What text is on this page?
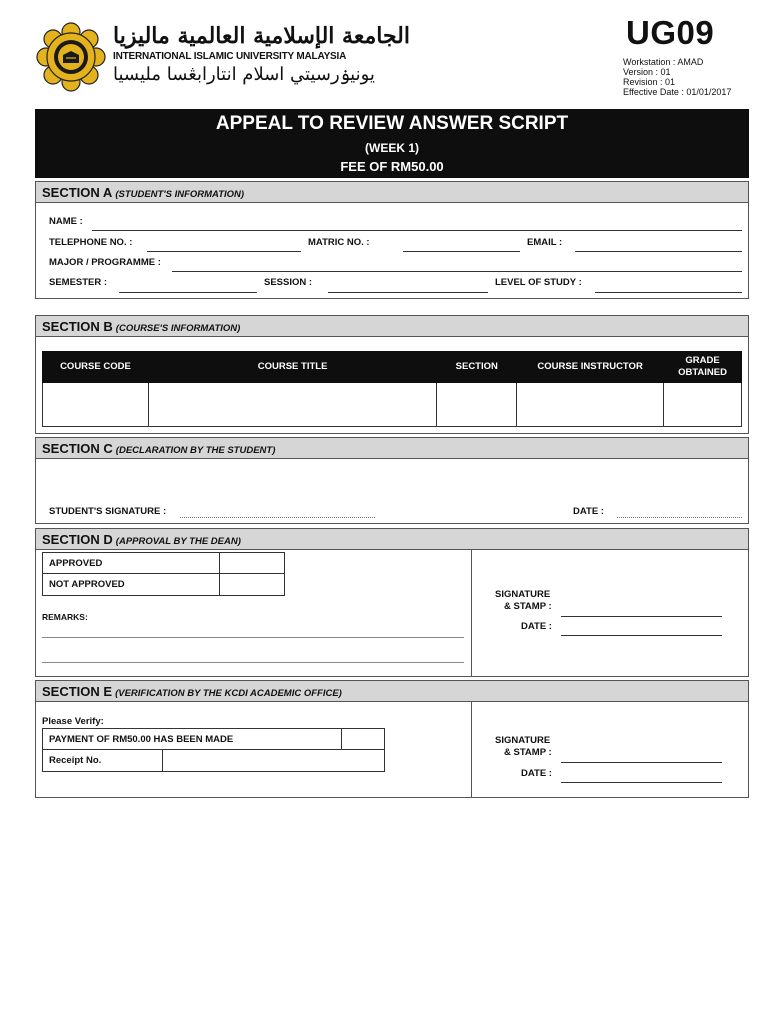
الجامعة الإسلامية العالمية ماليزيا
INTERNATIONAL ISLAMIC UNIVERSITY MALAYSIA
يونيۏرسيتي اسلام انتارابڠسا مليسيا
UG09
Workstation : AMAD
Version : 01
Revision : 01
Effective Date : 01/01/2017
APPEAL TO REVIEW ANSWER SCRIPT
(WEEK 1)
FEE OF RM50.00
SECTION A (STUDENT'S INFORMATION)
NAME :
TELEPHONE NO. :	MATRIC NO. :	EMAIL :
MAJOR / PROGRAMME :
SEMESTER :	SESSION :	LEVEL OF STUDY :
SECTION B (COURSE'S INFORMATION)
COURSE CODE	COURSE TITLE	SECTION	COURSE INSTRUCTOR	GRADE OBTAINED

SECTION C (DECLARATION BY THE STUDENT)
STUDENT'S SIGNATURE :	DATE :
SECTION D (APPROVAL BY THE DEAN)
APPROVED
NOT APPROVED
REMARKS:
SIGNATURE
& STAMP :
DATE :
SECTION E (VERIFICATION BY THE KCDI ACADEMIC OFFICE)
Please Verify:
PAYMENT OF RM50.00 HAS BEEN MADE
Receipt No.
SIGNATURE
& STAMP :
DATE :
